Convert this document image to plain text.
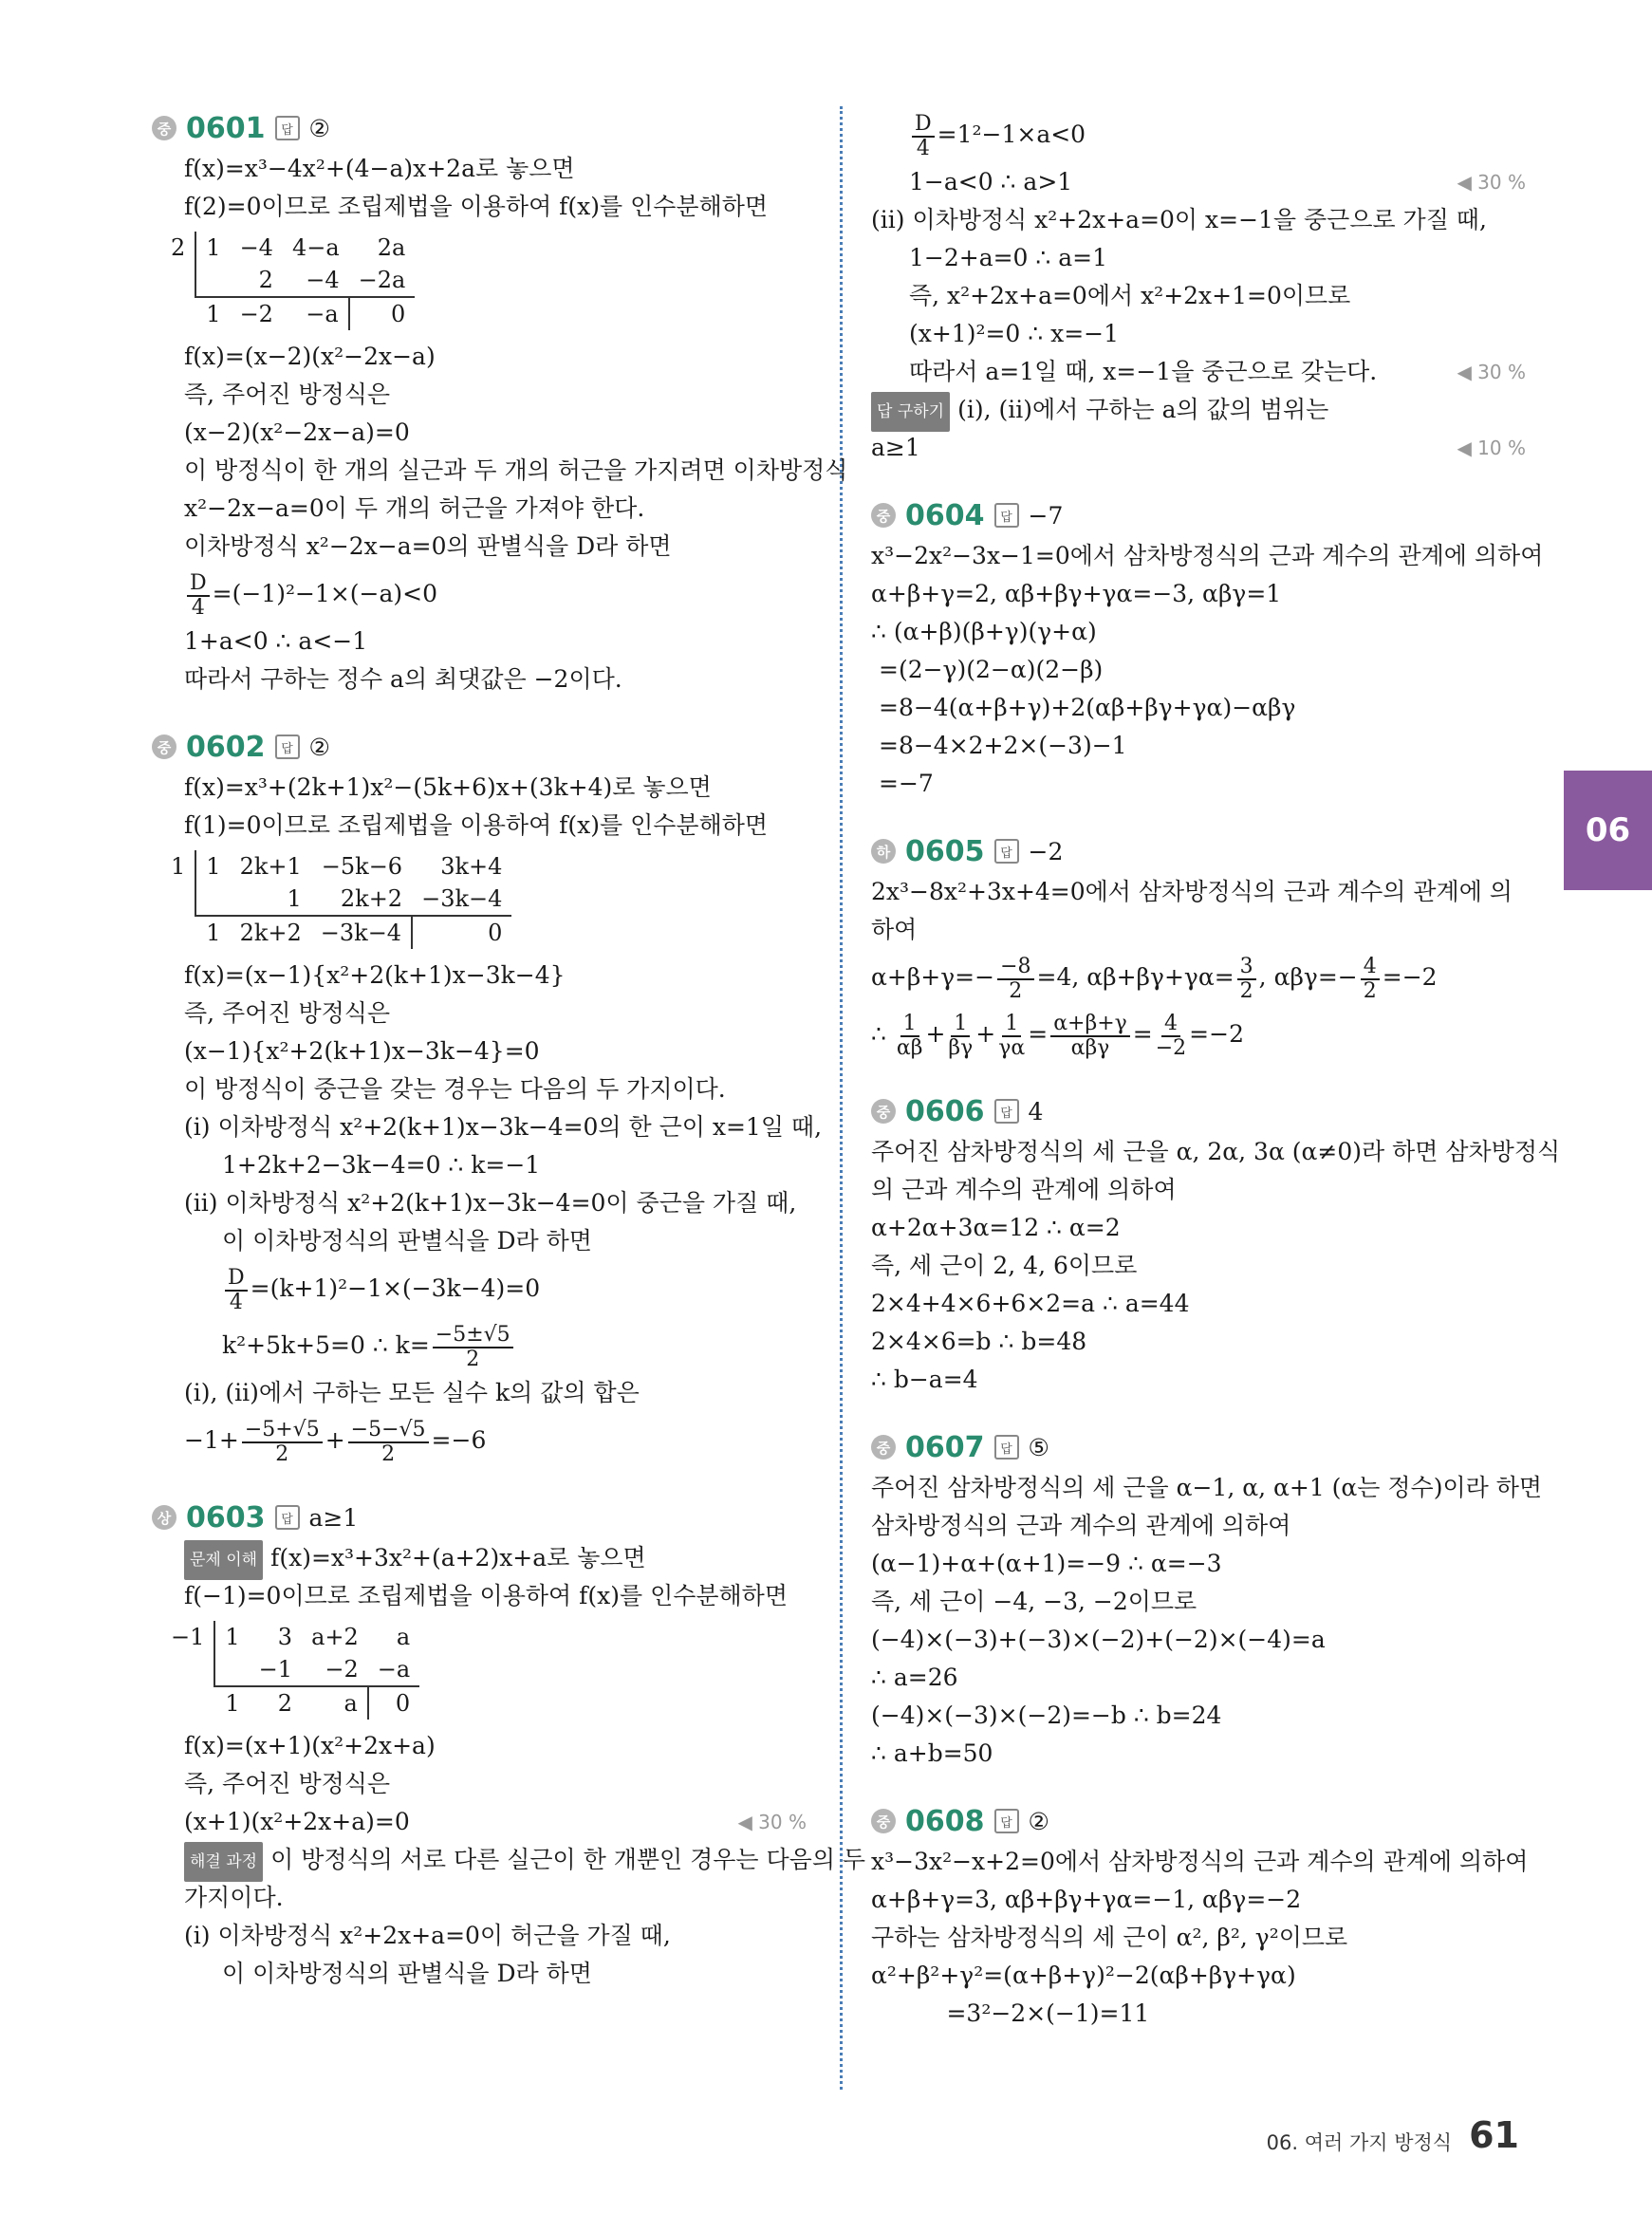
중 0601	답 ②
f(x)=x³−4x²+(4−a)x+2a로 놓으면
f(2)=0이므로 조립제법을 이용하여 f(x)를 인수분해하면
2	1	−4	4−a	2a
		2	−4	−2a
	1	−2	−a	0
f(x)=(x−2)(x²−2x−a)
즉, 주어진 방정식은
(x−2)(x²−2x−a)=0
이 방정식이 한 개의 실근과 두 개의 허근을 가지려면 이차방정식
x²−2x−a=0이 두 개의 허근을 가져야 한다.
이차방정식 x²−2x−a=0의 판별식을 D라 하면
$\frac{D}{4} =(-1)^2-1\times(-a)<0$
1+a<0 ∴ a<−1
따라서 구하는 정수 a의 최댓값은 −2이다.
중 0602	답 ②
f(x)=x³+(2k+1)x²−(5k+6)x+(3k+4)로 놓으면
f(1)=0이므로 조립제법을 이용하여 f(x)를 인수분해하면
1	1	2k+1	−5k−6	3k+4
		1	2k+2	−3k−4
	1	2k+2	−3k−4	0
f(x)=(x−1){x²+2(k+1)x−3k−4}
즉, 주어진 방정식은
(x−1){x²+2(k+1)x−3k−4}=0
이 방정식이 중근을 갖는 경우는 다음의 두 가지이다.
(ⅰ) 이차방정식 x²+2(k+1)x−3k−4=0의 한 근이 x=1일 때,
1+2k+2−3k−4=0 ∴ k=−1
(ⅱ) 이차방정식 x²+2(k+1)x−3k−4=0이 중근을 가질 때,
이 이차방정식의 판별식을 D라 하면
$\frac{D}{4} =(k+1)^2-1\times(-3k-4)=0$
k²+5k+5=0 ∴ $k= \frac{-5\pm√5}{2}$
(ⅰ), (ⅱ)에서 구하는 모든 실수 k의 값의 합은
$-1+ \frac{-5+√5}{2} + \frac{-5-√5}{2} =-6$
상 0603	답 a≥1
문제 이해 f(x)=x³+3x²+(a+2)x+a로 놓으면
f(−1)=0이므로 조립제법을 이용하여 f(x)를 인수분해하면
−1	1	3	a+2	a
		−1	−2	−a
	1	2	a	0
f(x)=(x+1)(x²+2x+a)
즉, 주어진 방정식은
(x+1)(x²+2x+a)=0	◀ 30 %
해결 과정 이 방정식의 서로 다른 실근이 한 개뿐인 경우는 다음의 두
가지이다.
(ⅰ) 이차방정식 x²+2x+a=0이 허근을 가질 때,
이 이차방정식의 판별식을 D라 하면
$\frac{D}{4} =1^2-1\times a<0$
1−a<0 ∴ a>1	◀ 30 %
(ⅱ) 이차방정식 x²+2x+a=0이 x=−1을 중근으로 가질 때,
1−2+a=0 ∴ a=1
즉, x²+2x+a=0에서 x²+2x+1=0이므로
(x+1)²=0 ∴ x=−1
따라서 a=1일 때, x=−1을 중근으로 갖는다.	◀ 30 %
답 구하기 (ⅰ), (ⅱ)에서 구하는 a의 값의 범위는
a≥1	◀ 10 %
중 0604	답 −7
x³−2x²−3x−1=0에서 삼차방정식의 근과 계수의 관계에 의하여
α+β+γ=2, αβ+βγ+γα=−3, αβγ=1
∴ (α+β)(β+γ)(γ+α)
=(2−γ)(2−α)(2−β)
=8−4(α+β+γ)+2(αβ+βγ+γα)−αβγ
=8−4×2+2×(−3)−1
=−7
하 0605	답 −2
2x³−8x²+3x+4=0에서 삼차방정식의 근과 계수의 관계에 의
하여
$\alpha+\beta+\gamma=- \frac{-8}{2} =4$, $\alpha\beta+\beta\gamma+\gamma\alpha= \frac{3}{2}$ , $\alpha\beta\gamma=- \frac{4}{2} =-2$
∴ $\frac{1}{\alpha\beta} + \frac{1}{\beta\gamma} + \frac{1}{\gamma\alpha} = \frac{\alpha+\beta+\gamma}{\text{αβγ}} = \frac{4}{-2} =-2$
중 0606	답 4
주어진 삼차방정식의 세 근을 α, 2α, 3α (α≠0)라 하면 삼차방정식
의 근과 계수의 관계에 의하여
α+2α+3α=12 ∴ α=2
즉, 세 근이 2, 4, 6이므로
2×4+4×6+6×2=a ∴ a=44
2×4×6=b ∴ b=48
∴ b−a=4
중 0607	답 ⑤
주어진 삼차방정식의 세 근을 α−1, α, α+1 (α는 정수)이라 하면
삼차방정식의 근과 계수의 관계에 의하여
(α−1)+α+(α+1)=−9 ∴ α=−3
즉, 세 근이 −4, −3, −2이므로
(−4)×(−3)+(−3)×(−2)+(−2)×(−4)=a
∴ a=26
(−4)×(−3)×(−2)=−b ∴ b=24
∴ a+b=50
중 0608	답 ②
x³−3x²−x+2=0에서 삼차방정식의 근과 계수의 관계에 의하여
α+β+γ=3, αβ+βγ+γα=−1, αβγ=−2
구하는 삼차방정식의 세 근이 α², β², γ²이므로
α²+β²+γ²=(α+β+γ)²−2(αβ+βγ+γα)
=3²−2×(−1)=11
06
06. 여러 가지 방정식 61
